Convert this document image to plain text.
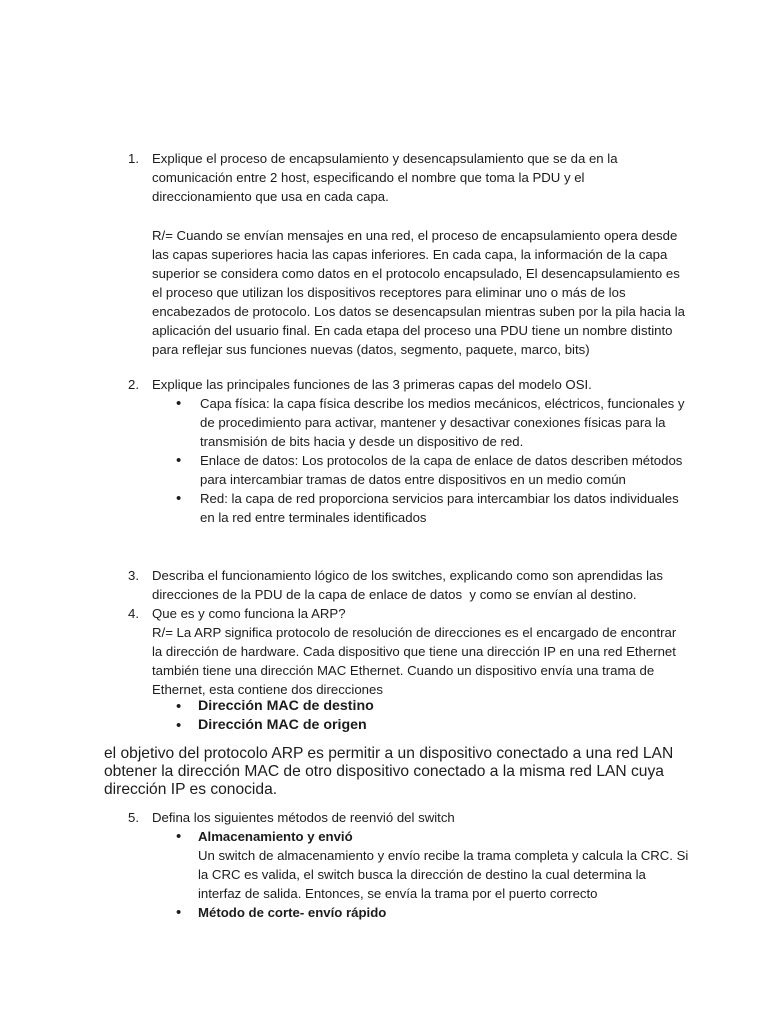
1. Explique el proceso de encapsulamiento y desencapsulamiento que se da en la
comunicación entre 2 host, especificando el nombre que toma la PDU y el
direccionamiento que usa en cada capa.
R/= Cuando se envían mensajes en una red, el proceso de encapsulamiento opera desde
las capas superiores hacia las capas inferiores. En cada capa, la información de la capa
superior se considera como datos en el protocolo encapsulado, El desencapsulamiento es
el proceso que utilizan los dispositivos receptores para eliminar uno o más de los
encabezados de protocolo. Los datos se desencapsulan mientras suben por la pila hacia la
aplicación del usuario final. En cada etapa del proceso una PDU tiene un nombre distinto
para reflejar sus funciones nuevas (datos, segmento, paquete, marco, bits)
2. Explique las principales funciones de las 3 primeras capas del modelo OSI.
• Capa física: la capa física describe los medios mecánicos, eléctricos, funcionales y
de procedimiento para activar, mantener y desactivar conexiones físicas para la
transmisión de bits hacia y desde un dispositivo de red.
• Enlace de datos: Los protocolos de la capa de enlace de datos describen métodos
para intercambiar tramas de datos entre dispositivos en un medio común
• Red: la capa de red proporciona servicios para intercambiar los datos individuales
en la red entre terminales identificados
3. Describa el funcionamiento lógico de los switches, explicando como son aprendidas las
direcciones de la PDU de la capa de enlace de datos  y como se envían al destino.
4. Que es y como funciona la ARP?
R/= La ARP significa protocolo de resolución de direcciones es el encargado de encontrar
la dirección de hardware. Cada dispositivo que tiene una dirección IP en una red Ethernet
también tiene una dirección MAC Ethernet. Cuando un dispositivo envía una trama de
Ethernet, esta contiene dos direcciones
• Dirección MAC de destino
• Dirección MAC de origen
el objetivo del protocolo ARP es permitir a un dispositivo conectado a una red LAN
obtener la dirección MAC de otro dispositivo conectado a la misma red LAN cuya
dirección IP es conocida.
5. Defina los siguientes métodos de reenvió del switch
• Almacenamiento y envió
Un switch de almacenamiento y envío recibe la trama completa y calcula la CRC. Si
la CRC es valida, el switch busca la dirección de destino la cual determina la
interfaz de salida. Entonces, se envía la trama por el puerto correcto
• Método de corte- envío rápido
